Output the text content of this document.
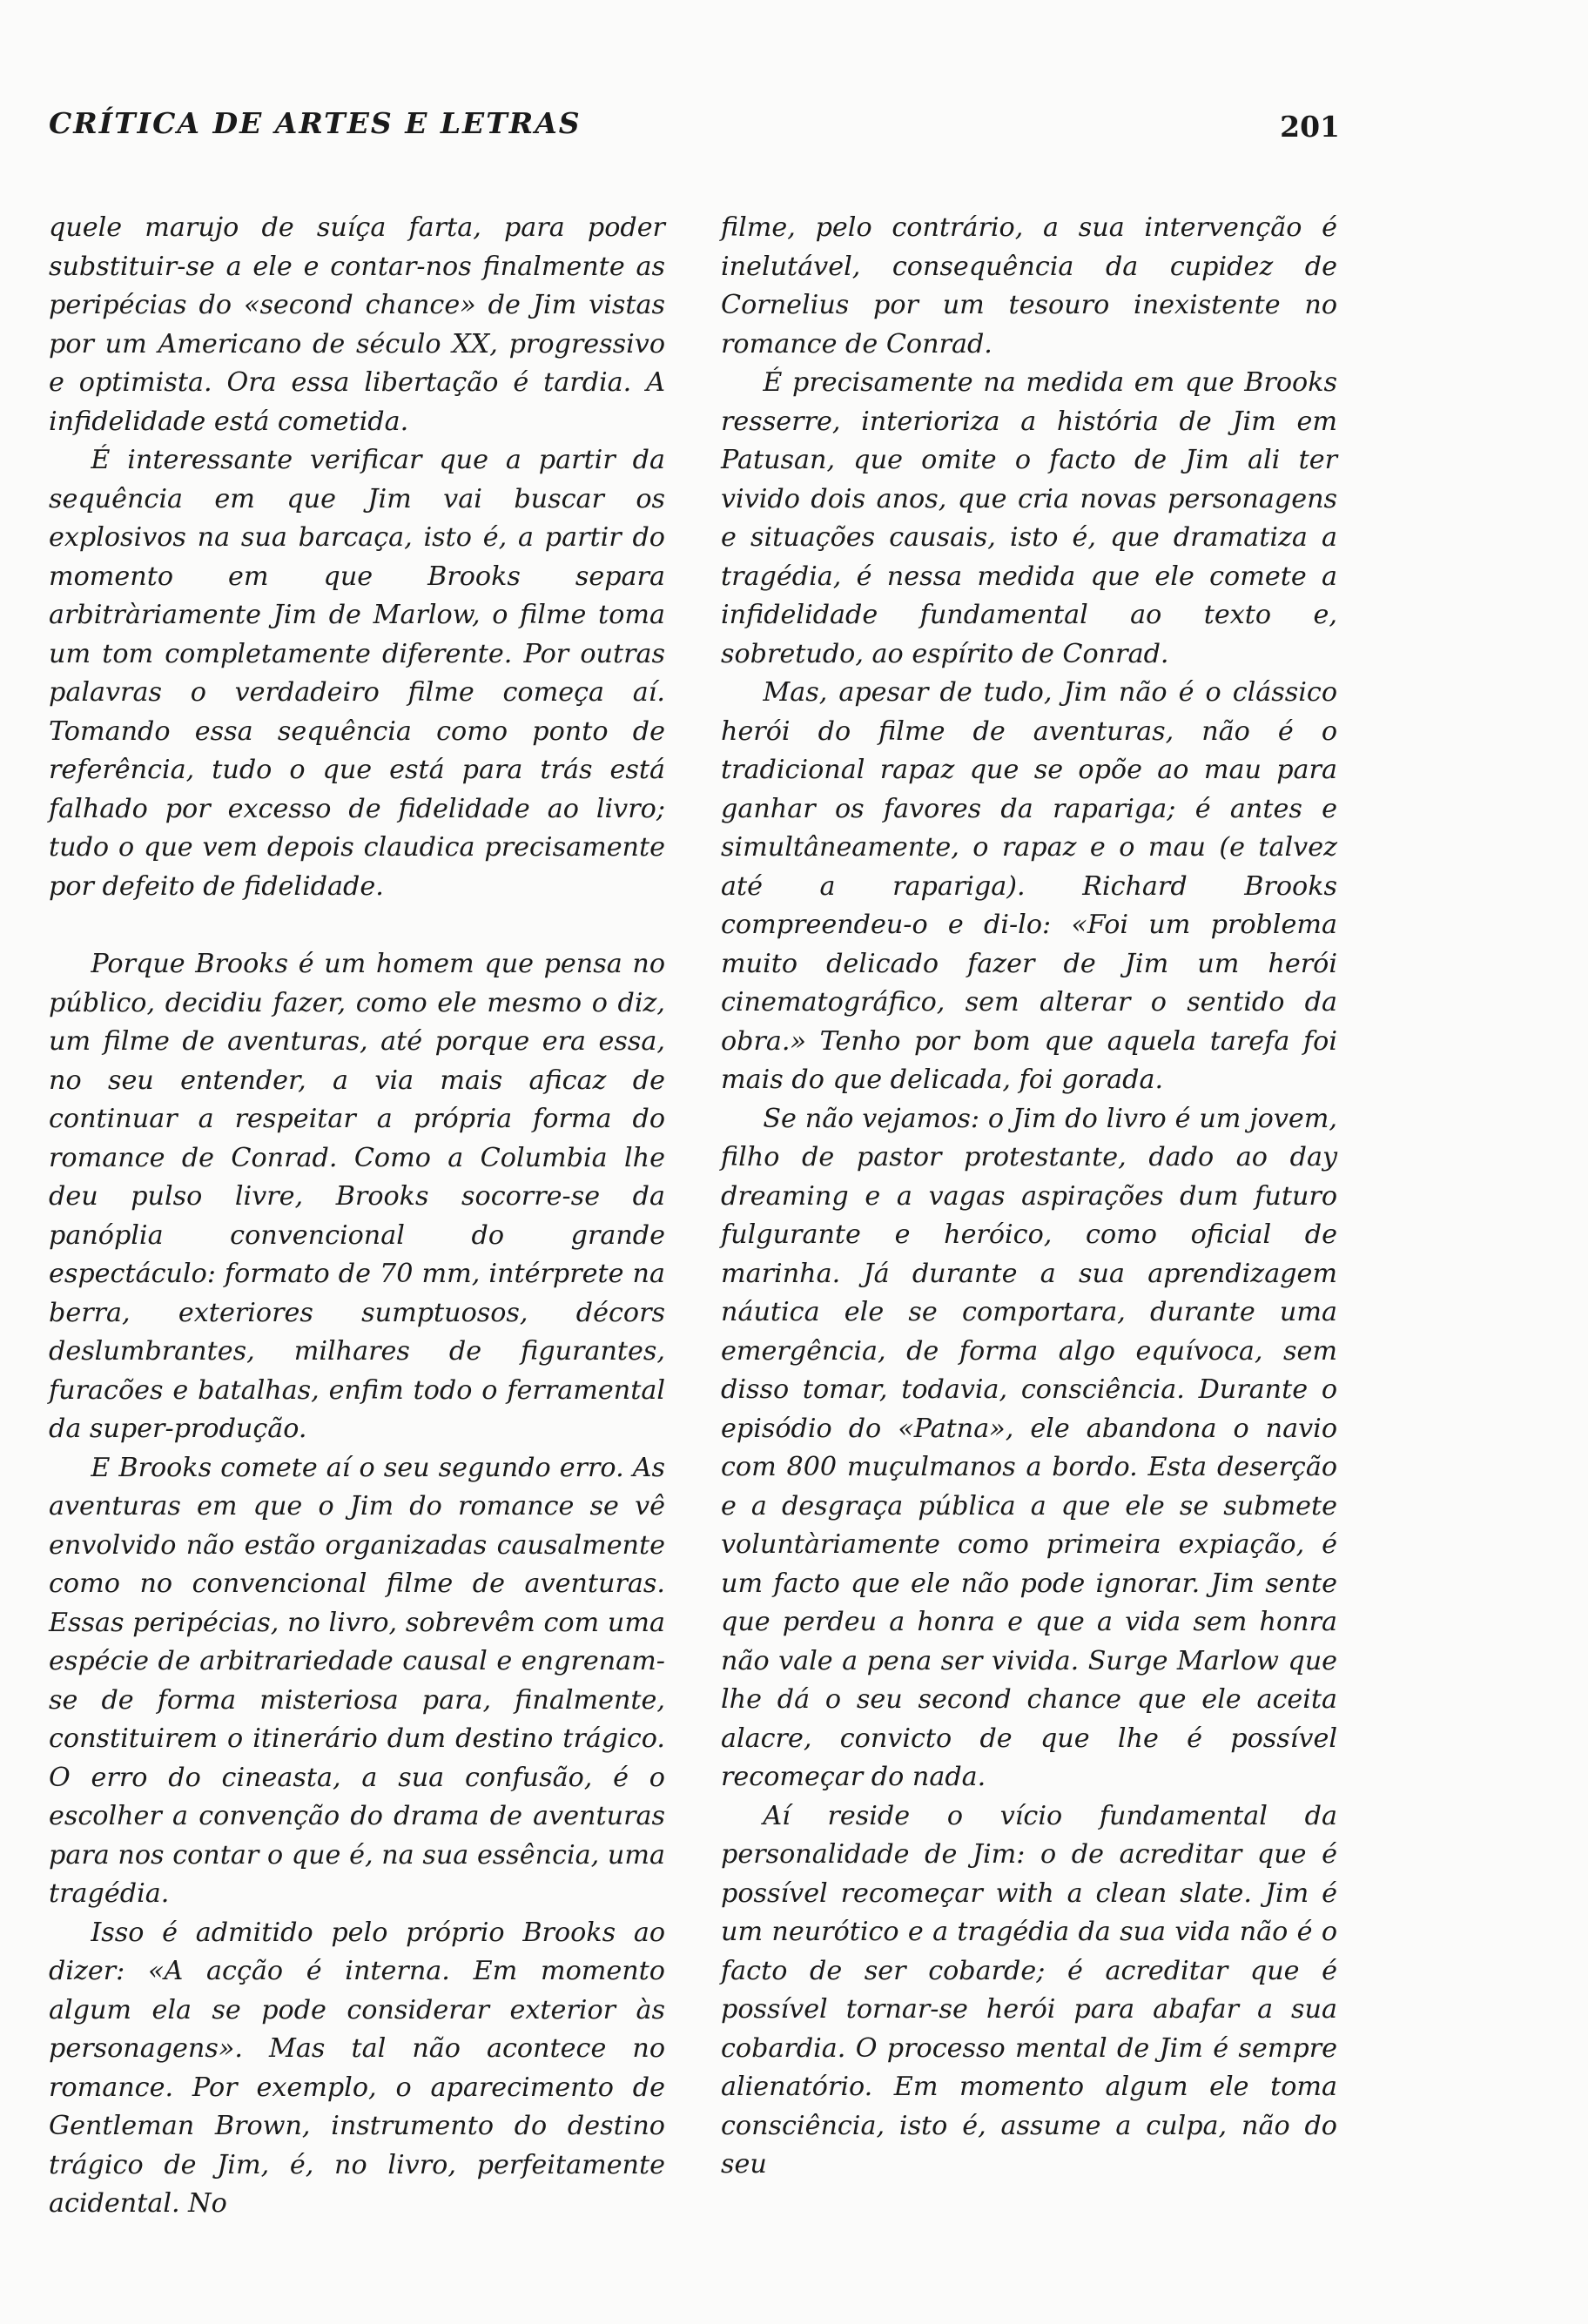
CRÍTICA DE ARTES E LETRAS	201

quele marujo de suíça farta, para poder substituir-se a ele e contar-nos finalmente as peripécias do «second chance» de Jim vistas por um Americano de século XX, progressivo e optimista. Ora essa libertação é tardia. A infidelidade está cometida.

É interessante verificar que a partir da sequência em que Jim vai buscar os explosivos na sua barcaça, isto é, a partir do momento em que Brooks separa arbitràriamente Jim de Marlow, o filme toma um tom completamente diferente. Por outras palavras o verdadeiro filme começa aí. Tomando essa sequência como ponto de referência, tudo o que está para trás está falhado por excesso de fidelidade ao livro; tudo o que vem depois claudica precisamente por defeito de fidelidade.

Porque Brooks é um homem que pensa no público, decidiu fazer, como ele mesmo o diz, um filme de aventuras, até porque era essa, no seu entender, a via mais aficaz de continuar a respeitar a própria forma do romance de Conrad. Como a Columbia lhe deu pulso livre, Brooks socorre-se da panóplia convencional do grande espectáculo: formato de 70 mm, intérprete na berra, exteriores sumptuosos, décors deslumbrantes, milhares de figurantes, furacões e batalhas, enfim todo o ferramental da super-produção.

E Brooks comete aí o seu segundo erro. As aventuras em que o Jim do romance se vê envolvido não estão organizadas causalmente como no convencional filme de aventuras. Essas peripécias, no livro, sobrevêm com uma espécie de arbitrariedade causal e engrenam-se de forma misteriosa para, finalmente, constituirem o itinerário dum destino trágico. O erro do cineasta, a sua confusão, é o escolher a convenção do drama de aventuras para nos contar o que é, na sua essência, uma tragédia.

Isso é admitido pelo próprio Brooks ao dizer: «A acção é interna. Em momento algum ela se pode considerar exterior às personagens». Mas tal não acontece no romance. Por exemplo, o aparecimento de Gentleman Brown, instrumento do destino trágico de Jim, é, no livro, perfeitamente acidental. No

filme, pelo contrário, a sua intervenção é inelutável, consequência da cupidez de Cornelius por um tesouro inexistente no romance de Conrad.

É precisamente na medida em que Brooks resserre, interioriza a história de Jim em Patusan, que omite o facto de Jim ali ter vivido dois anos, que cria novas personagens e situações causais, isto é, que dramatiza a tragédia, é nessa medida que ele comete a infidelidade fundamental ao texto e, sobretudo, ao espírito de Conrad.

Mas, apesar de tudo, Jim não é o clássico herói do filme de aventuras, não é o tradicional rapaz que se opõe ao mau para ganhar os favores da rapariga; é antes e simultâneamente, o rapaz e o mau (e talvez até a rapariga). Richard Brooks compreendeu-o e di-lo: «Foi um problema muito delicado fazer de Jim um herói cinematográfico, sem alterar o sentido da obra.» Tenho por bom que aquela tarefa foi mais do que delicada, foi gorada.

Se não vejamos: o Jim do livro é um jovem, filho de pastor protestante, dado ao day dreaming e a vagas aspirações dum futuro fulgurante e heróico, como oficial de marinha. Já durante a sua aprendizagem náutica ele se comportara, durante uma emergência, de forma algo equívoca, sem disso tomar, todavia, consciência. Durante o episódio do «Patna», ele abandona o navio com 800 muçulmanos a bordo. Esta deserção e a desgraça pública a que ele se submete voluntàriamente como primeira expiação, é um facto que ele não pode ignorar. Jim sente que perdeu a honra e que a vida sem honra não vale a pena ser vivida. Surge Marlow que lhe dá o seu second chance que ele aceita alacre, convicto de que lhe é possível recomeçar do nada.

Aí reside o vício fundamental da personalidade de Jim: o de acreditar que é possível recomeçar with a clean slate. Jim é um neurótico e a tragédia da sua vida não é o facto de ser cobarde; é acreditar que é possível tornar-se herói para abafar a sua cobardia. O processo mental de Jim é sempre alienatório. Em momento algum ele toma consciência, isto é, assume a culpa, não do seu
